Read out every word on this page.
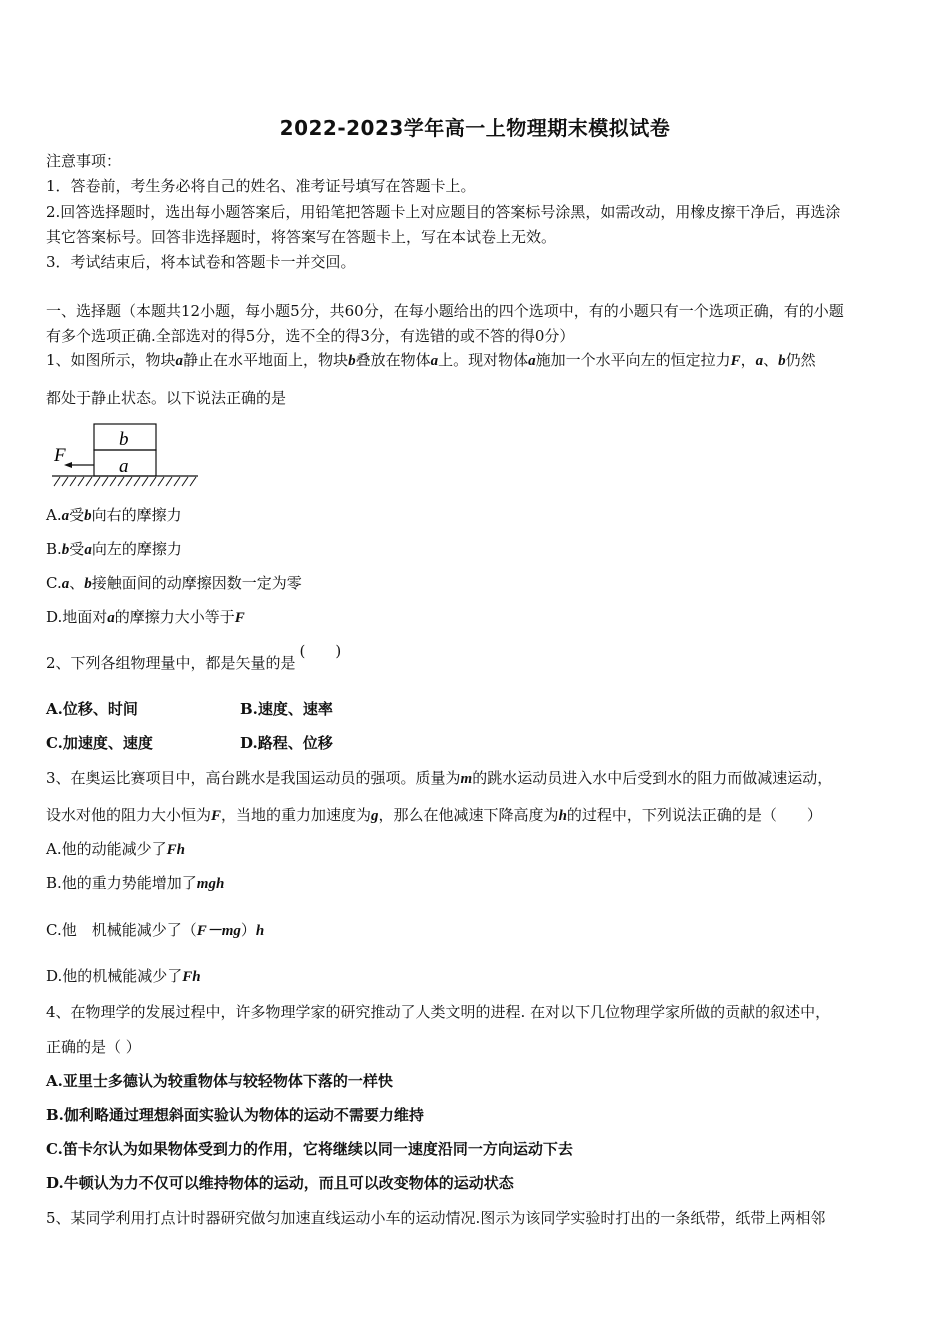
2022-2023学年高一上物理期末模拟试卷
注意事项：
1．答卷前，考生务必将自己的姓名、准考证号填写在答题卡上。
2.回答选择题时，选出每小题答案后，用铅笔把答题卡上对应题目的答案标号涂黑，如需改动，用橡皮擦干净后，再选涂
其它答案标号。回答非选择题时，将答案写在答题卡上，写在本试卷上无效。
3．考试结束后，将本试卷和答题卡一并交回。
一、选择题（本题共12小题，每小题5分，共60分，在每小题给出的四个选项中，有的小题只有一个选项正确，有的小题
有多个选项正确.全部选对的得5分，选不全的得3分，有选错的或不答的得0分）
1、如图所示，物块a静止在水平地面上，物块b叠放在物体a上。现对物体a施加一个水平向左的恒定拉力F，a、b仍然
都处于静止状态。以下说法正确的是
F
a
b
A.a受b向右的摩擦力
B.b受a向左的摩擦力
C.a、b接触面间的动摩擦因数一定为零
D.地面对a的摩擦力大小等于F
2、下列各组物理量中，都是矢量的是(　　)
A.位移、时间	B.速度、速率
C.加速度、速度	D.路程、位移
3、在奥运比赛项目中，高台跳水是我国运动员的强项。质量为m的跳水运动员进入水中后受到水的阻力而做减速运动，
设水对他的阻力大小恒为F，当地的重力加速度为g，那么在他减速下降高度为h的过程中，下列说法正确的是（　　）
A.他的动能减少了Fh
B.他的重力势能增加了mgh
C.他　机械能减少了（F－mg）h
D.他的机械能减少了Fh
4、在物理学的发展过程中，许多物理学家的研究推动了人类文明的进程. 在对以下几位物理学家所做的贡献的叙述中，
正确的是（ ）
A.亚里士多德认为较重物体与较轻物体下落的一样快
B.伽利略通过理想斜面实验认为物体的运动不需要力维持
C.笛卡尔认为如果物体受到力的作用，它将继续以同一速度沿同一方向运动下去
D.牛顿认为力不仅可以维持物体的运动，而且可以改变物体的运动状态
5、某同学利用打点计时器研究做匀加速直线运动小车的运动情况.图示为该同学实验时打出的一条纸带，纸带上两相邻
